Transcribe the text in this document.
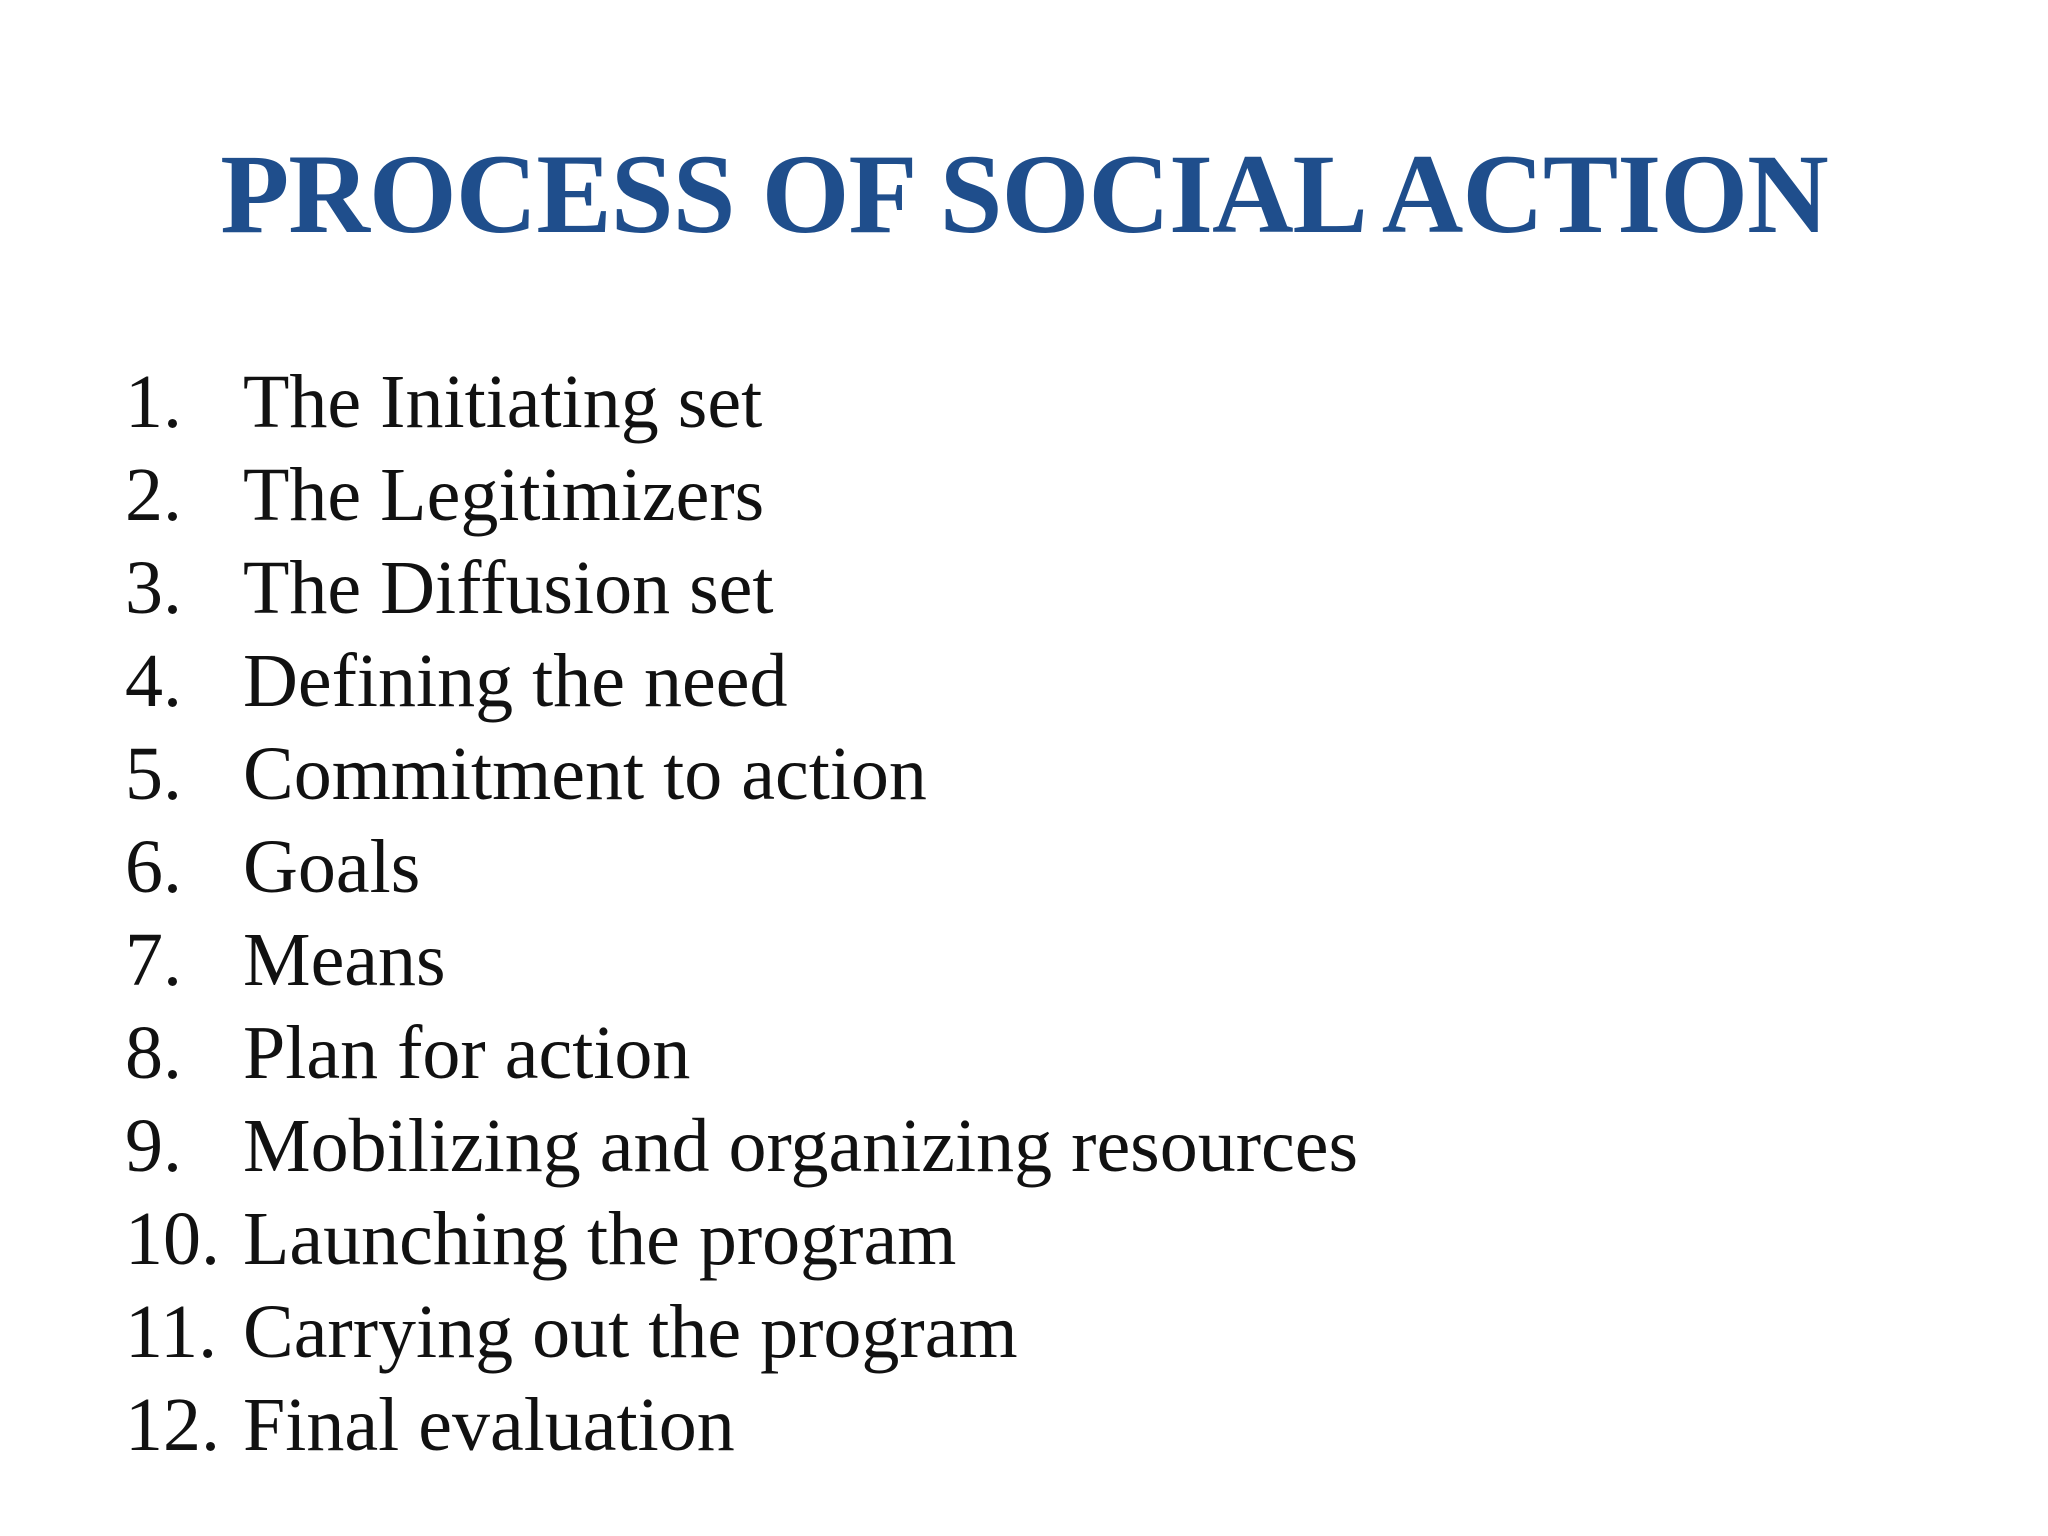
PROCESS OF SOCIAL ACTION
1. The Initiating set
2. The Legitimizers
3. The Diffusion set
4. Defining the need
5. Commitment to action
6. Goals
7. Means
8. Plan for action
9. Mobilizing and organizing resources
10. Launching the program
11. Carrying out the program
12. Final evaluation
